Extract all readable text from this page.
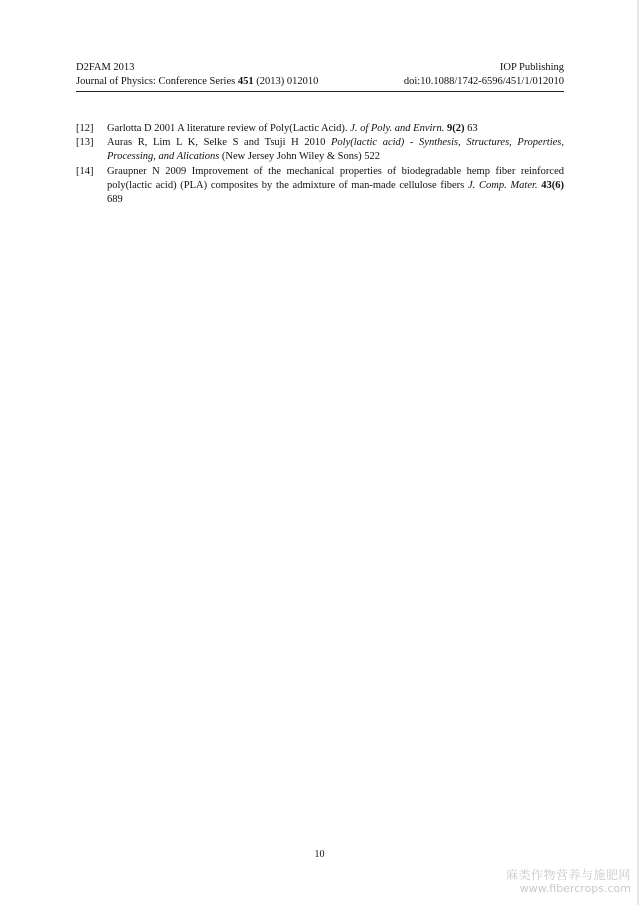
D2FAM 2013	IOP Publishing
Journal of Physics: Conference Series 451 (2013) 012010	doi:10.1088/1742-6596/451/1/012010
[12]	Garlotta D 2001 A literature review of Poly(Lactic Acid). J. of Poly. and Envirn. 9(2) 63
[13]	Auras R, Lim L K, Selke S and Tsuji H 2010 Poly(lactic acid) - Synthesis, Structures, Properties, Processing, and Alications (New Jersey John Wiley & Sons) 522
[14]	Graupner N 2009 Improvement of the mechanical properties of biodegradable hemp fiber reinforced poly(lactic acid) (PLA) composites by the admixture of man-made cellulose fibers J. Comp. Mater. 43(6) 689
10
麻类作物营养与施肥网
www.fibercrops.com
